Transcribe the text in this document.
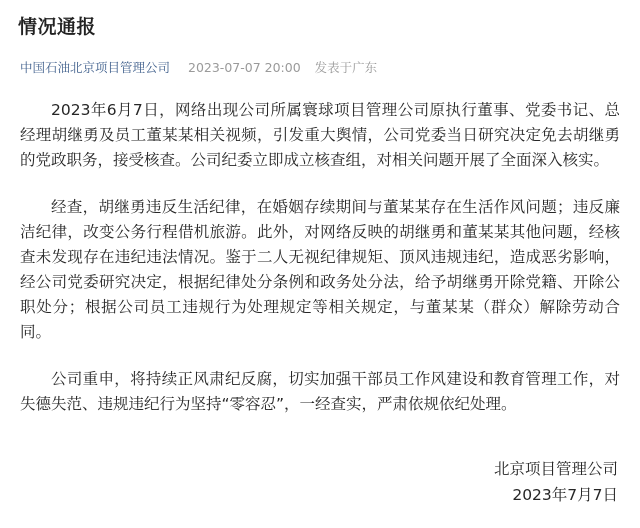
情况通报
中国石油北京项目管理公司 2023-07-07 20:00 发表于广东

2023年6月7日，网络出现公司所属寰球项目管理公司原执行董事、党委书记、总经理胡继勇及员工董某某相关视频，引发重大舆情，公司党委当日研究决定免去胡继勇的党政职务，接受核查。公司纪委立即成立核查组，对相关问题开展了全面深入核实。

经查，胡继勇违反生活纪律，在婚姻存续期间与董某某存在生活作风问题；违反廉洁纪律，改变公务行程借机旅游。此外，对网络反映的胡继勇和董某某其他问题，经核查未发现存在违纪违法情况。鉴于二人无视纪律规矩、顶风违规违纪，造成恶劣影响，经公司党委研究决定，根据纪律处分条例和政务处分法，给予胡继勇开除党籍、开除公职处分；根据公司员工违规行为处理规定等相关规定，与董某某（群众）解除劳动合同。

公司重申，将持续正风肃纪反腐，切实加强干部员工作风建设和教育管理工作，对失德失范、违规违纪行为坚持“零容忍”，一经查实，严肃依规依纪处理。

北京项目管理公司
2023年7月7日
